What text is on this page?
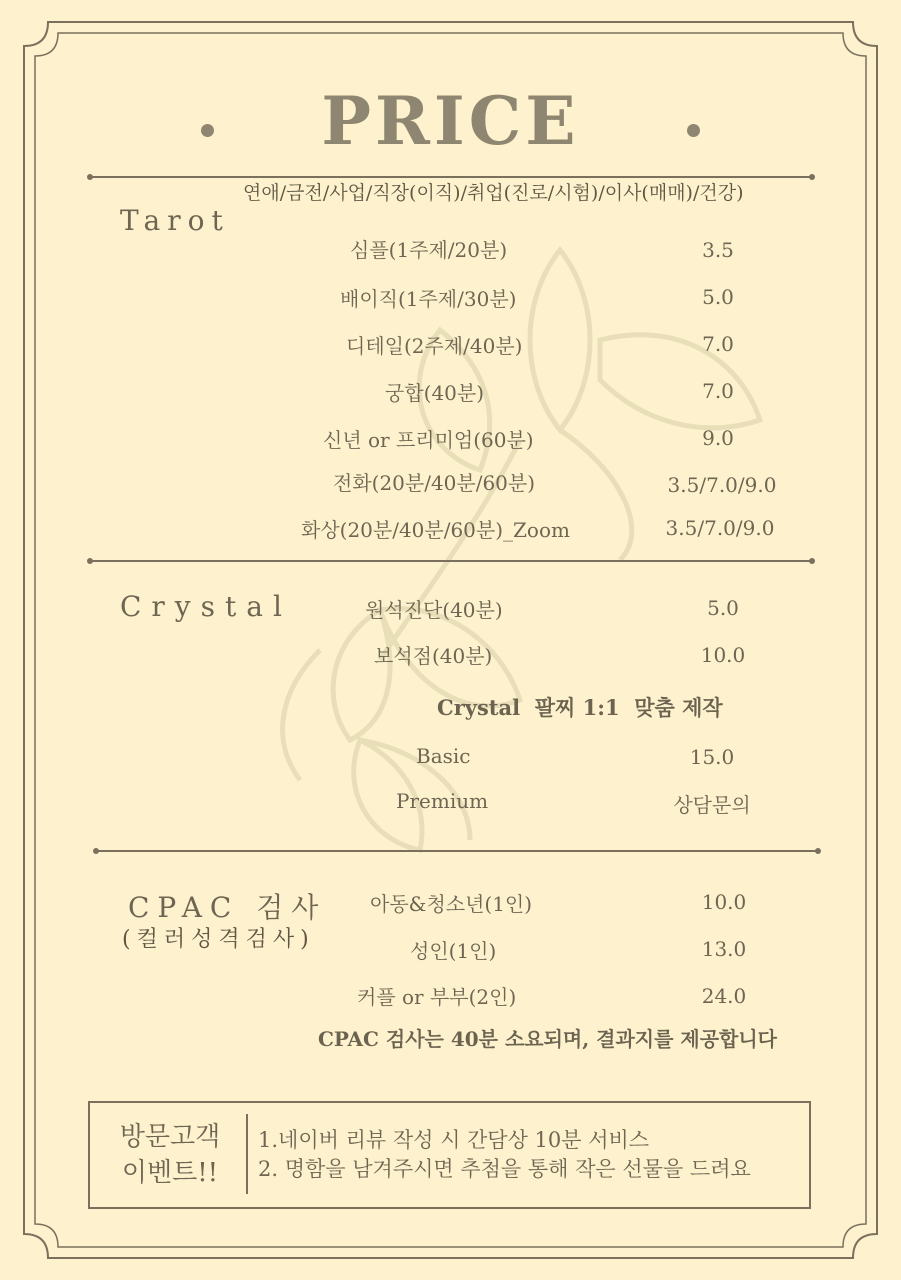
PRICE
연애/금전/사업/직장(이직)/취업(진로/시험)/이사(매매)/건강)
Tarot
심플(1주제/20분)	3.5
배이직(1주제/30분)	5.0
디테일(2주제/40분)	7.0
궁합(40분)	7.0
신년 or 프리미엄(60분)	9.0
전화(20분/40분/60분)	3.5/7.0/9.0
화상(20분/40분/60분)_Zoom	3.5/7.0/9.0
Crystal	원석진단(40분)	5.0
보석점(40분)	10.0
Crystal  팔찌 1:1  맞춤 제작
Basic	15.0
Premium	상담문의
CPAC 검사
(컬러성격검사)
아동&청소년(1인)	10.0
성인(1인)	13.0
커플 or 부부(2인)	24.0
CPAC 검사는 40분 소요되며, 결과지를 제공합니다
방문고객
이벤트!!
1.네이버 리뷰 작성 시 간담상 10분 서비스
2. 명함을 남겨주시면 추첨을 통해 작은 선물을 드려요
